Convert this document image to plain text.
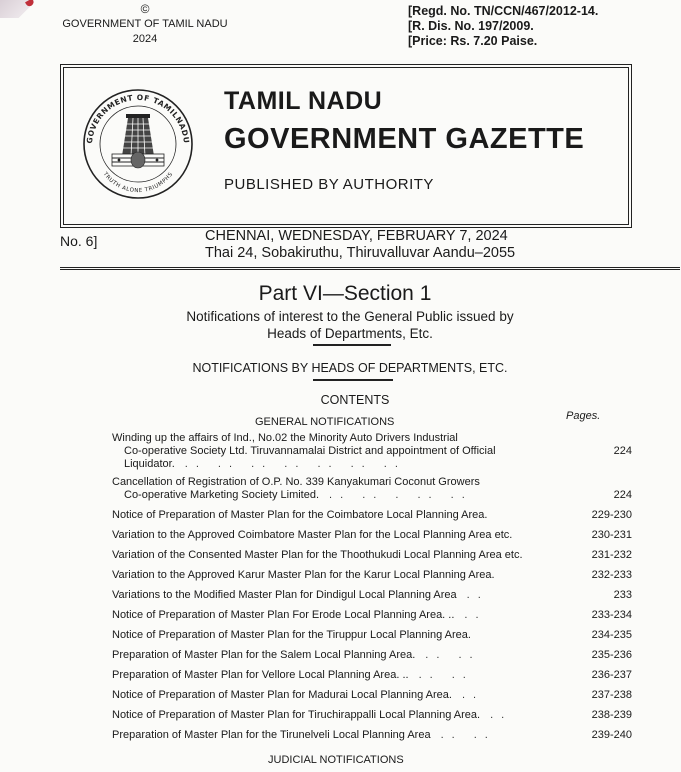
©
GOVERNMENT OF TAMIL NADU
2024
[Regd. No. TN/CCN/467/2012-14.
[R. Dis. No. 197/2009.
[Price: Rs. 7.20 Paise.
GOVERNMENT OF TAMILNADU
TRUTH ALONE TRIUMPHS
TAMIL NADU
GOVERNMENT GAZETTE
PUBLISHED BY AUTHORITY
No. 6]	CHENNAI, WEDNESDAY, FEBRUARY 7, 2024
Thai 24, Sobakiruthu, Thiruvalluvar Aandu–2055
Part VI—Section 1
Notifications of interest to the General Public issued by
Heads of Departments, Etc.
NOTIFICATIONS BY HEADS OF DEPARTMENTS, ETC.
CONTENTS
Pages.
GENERAL NOTIFICATIONS
Winding up the affairs of Ind., No.02 the Minority Auto Drivers Industrial
Co-operative Society Ltd. Tiruvannamalai District and appointment of Official
Liquidator. .. .. .. .. .. .. ..
224
Cancellation of Registration of O.P. No. 339 Kanyakumari Coconut Growers
Co-operative Marketing Society Limited. .. .. . .. ..	224
Notice of Preparation of Master Plan for the Coimbatore Local Planning Area.	229-230
Variation to the Approved Coimbatore Master Plan for the Local Planning Area etc.	230-231
Variation of the Consented Master Plan for the Thoothukudi Local Planning Area etc.	231-232
Variation to the Approved Karur Master Plan for the Karur Local Planning Area.	232-233
Variations to the Modified Master Plan for Dindigul Local Planning Area ..	233
Notice of Preparation of Master Plan For Erode Local Planning Area. .. ..	233-234
Notice of Preparation of Master Plan for the Tiruppur Local Planning Area.	234-235
Preparation of Master Plan for the Salem Local Planning Area. .. ..	235-236
Preparation of Master Plan for Vellore Local Planning Area. .. .. ..	236-237
Notice of Preparation of Master Plan for Madurai Local Planning Area. ..	237-238
Notice of Preparation of Master Plan for Tiruchirappalli Local Planning Area. ..	238-239
Preparation of Master Plan for the Tirunelveli Local Planning Area .. ..	239-240
JUDICIAL NOTIFICATIONS
